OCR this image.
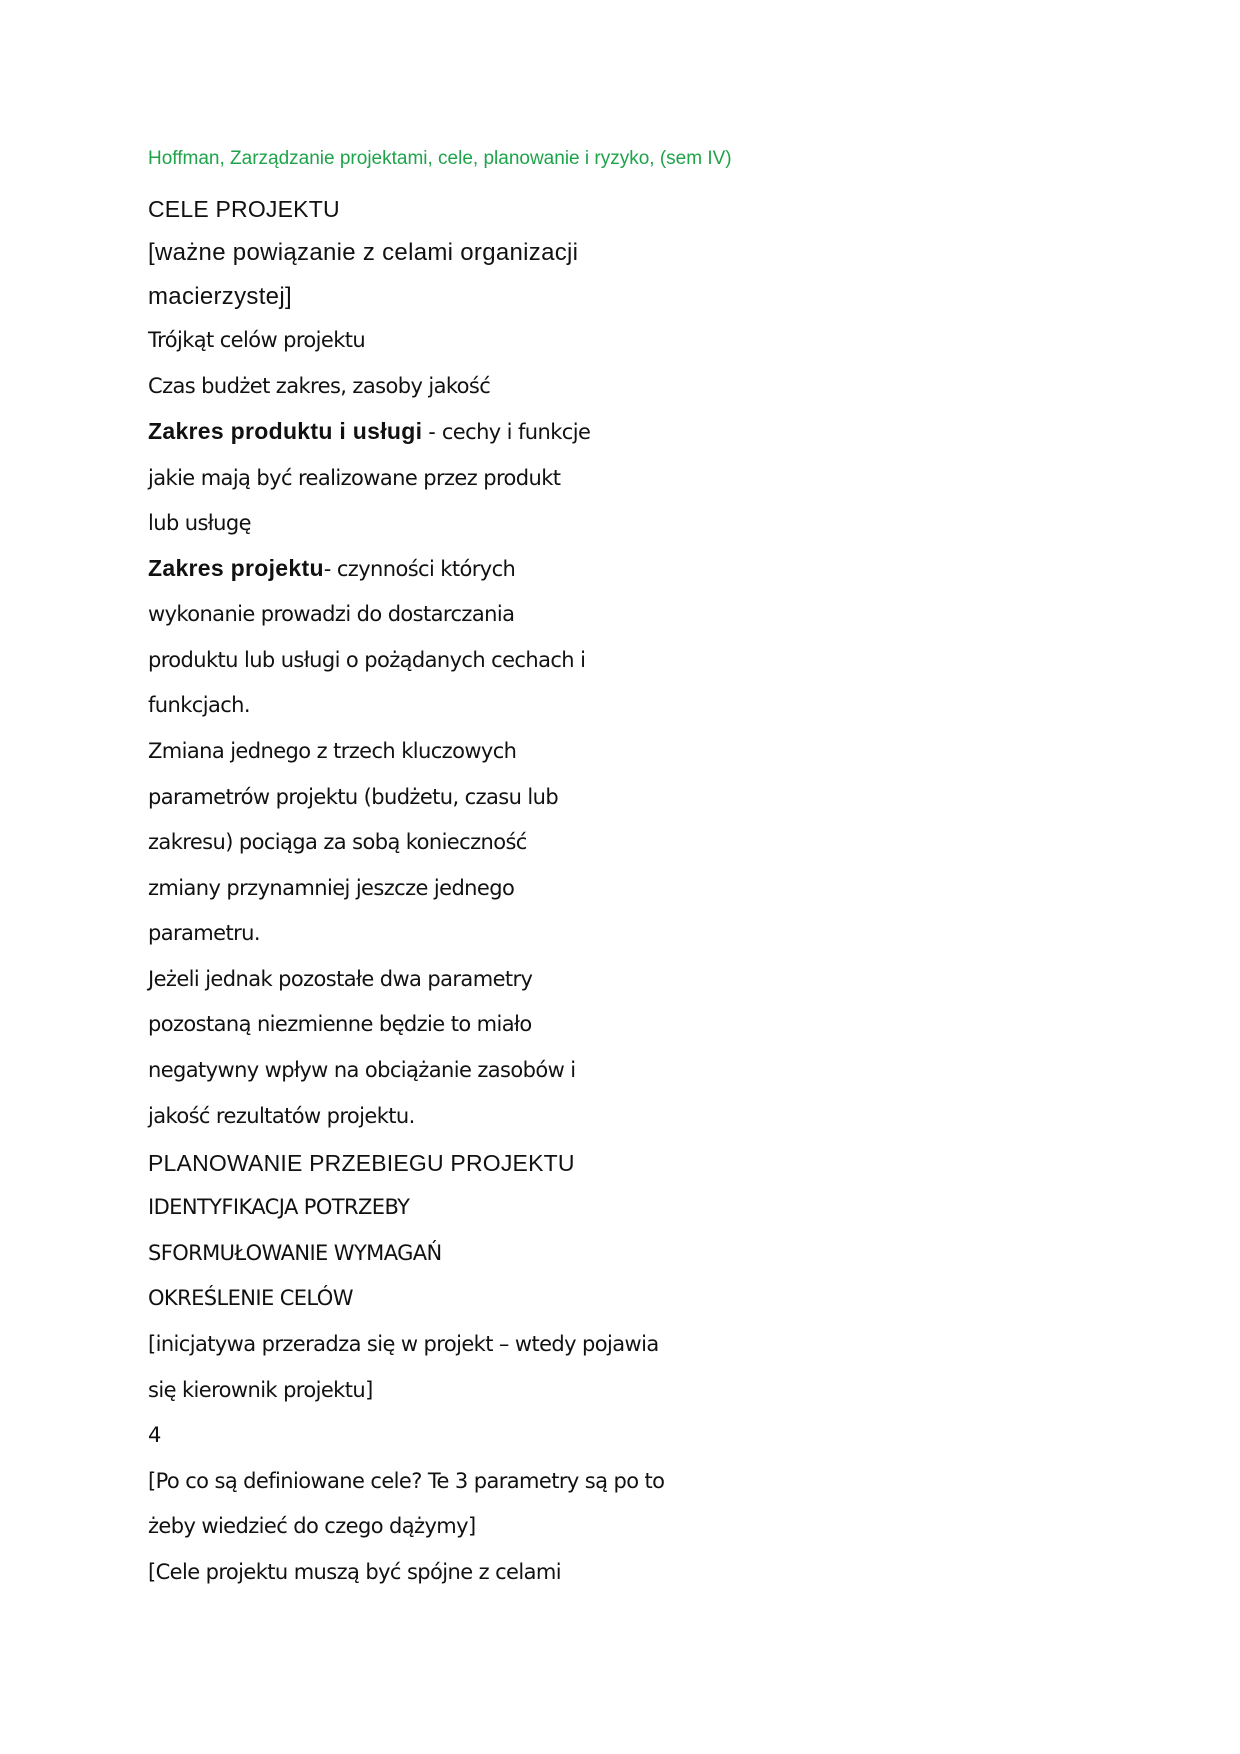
Hoffman, Zarządzanie projektami, cele, planowanie i ryzyko, (sem IV)
CELE PROJEKTU
[ważne powiązanie z celami organizacji
macierzystej]
Trójkąt celów projektu
Czas budżet zakres, zasoby jakość
Zakres produktu i usługi - cechy i funkcje
jakie mają być realizowane przez produkt
lub usługę
Zakres projektu- czynności których
wykonanie prowadzi do dostarczania
produktu lub usługi o pożądanych cechach i
funkcjach.
Zmiana jednego z trzech kluczowych
parametrów projektu (budżetu, czasu lub
zakresu) pociąga za sobą konieczność
zmiany przynamniej jeszcze jednego
parametru.
Jeżeli jednak pozostałe dwa parametry
pozostaną niezmienne będzie to miało
negatywny wpływ na obciążanie zasobów i
jakość rezultatów projektu.
PLANOWANIE PRZEBIEGU PROJEKTU
IDENTYFIKACJA POTRZEBY
SFORMUŁOWANIE WYMAGAŃ
OKREŚLENIE CELÓW
[inicjatywa przeradza się w projekt – wtedy pojawia
się kierownik projektu]
4
[Po co są definiowane cele? Te 3 parametry są po to
żeby wiedzieć do czego dążymy]
[Cele projektu muszą być spójne z celami
